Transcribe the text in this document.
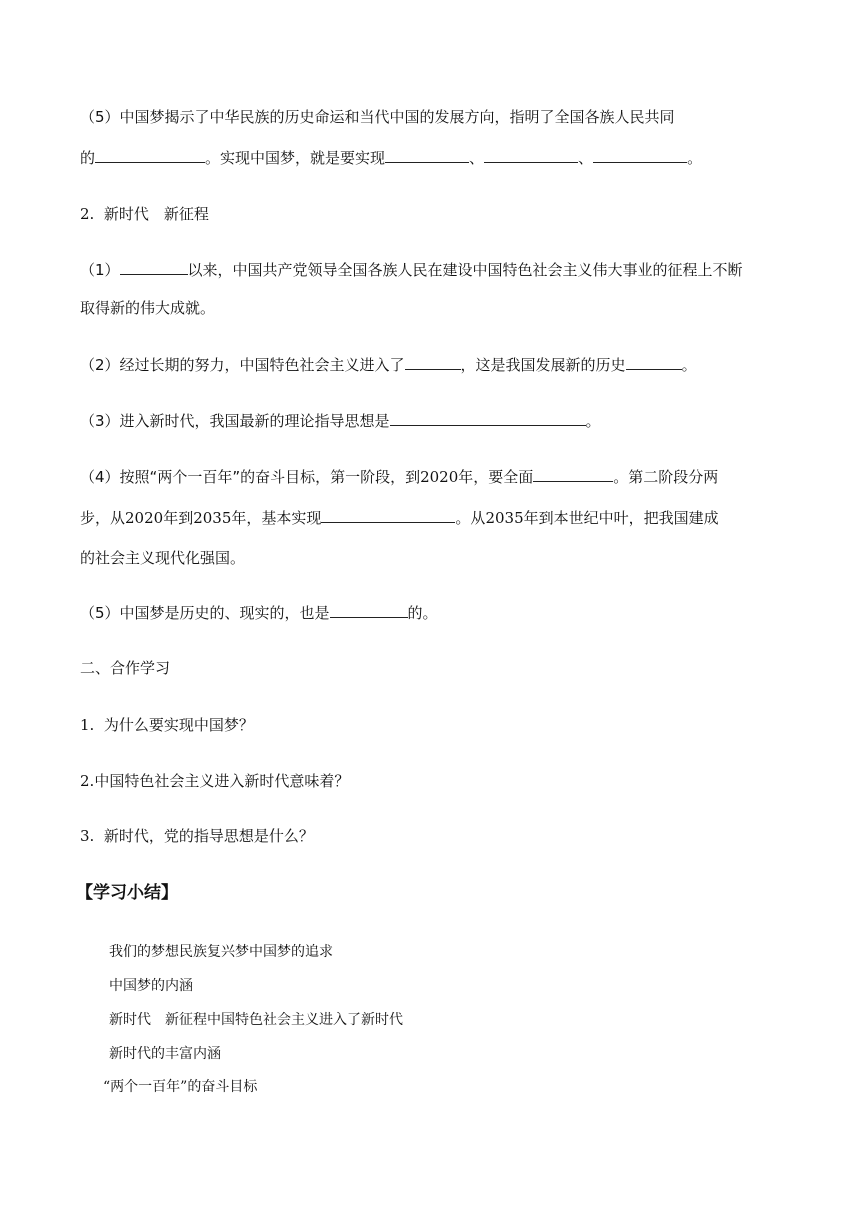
（5）中国梦揭示了中华民族的历史命运和当代中国的发展方向，指明了全国各族人民共同
的	。实现中国梦，就是要实现	、	、	。
2. 新时代　新征程
（1）	以来，中国共产党领导全国各族人民在建设中国特色社会主义伟大事业的征程上不断
取得新的伟大成就。
（2）经过长期的努力，中国特色社会主义进入了	，这是我国发展新的历史	。
（3）进入新时代，我国最新的理论指导思想是	。
（4）按照“两个一百年”的奋斗目标，第一阶段，到2020年，要全面	。第二阶段分两
步，从2020年到2035年，基本实现	。从2035年到本世纪中叶，把我国建成
的社会主义现代化强国。
（5）中国梦是历史的、现实的，也是	的。
二、合作学习
1. 为什么要实现中国梦？
2.中国特色社会主义进入新时代意味着？
3. 新时代，党的指导思想是什么？
【学习小结】
我们的梦想民族复兴梦中国梦的追求
中国梦的内涵
新时代　新征程中国特色社会主义进入了新时代
新时代的丰富内涵
“两个一百年”的奋斗目标
